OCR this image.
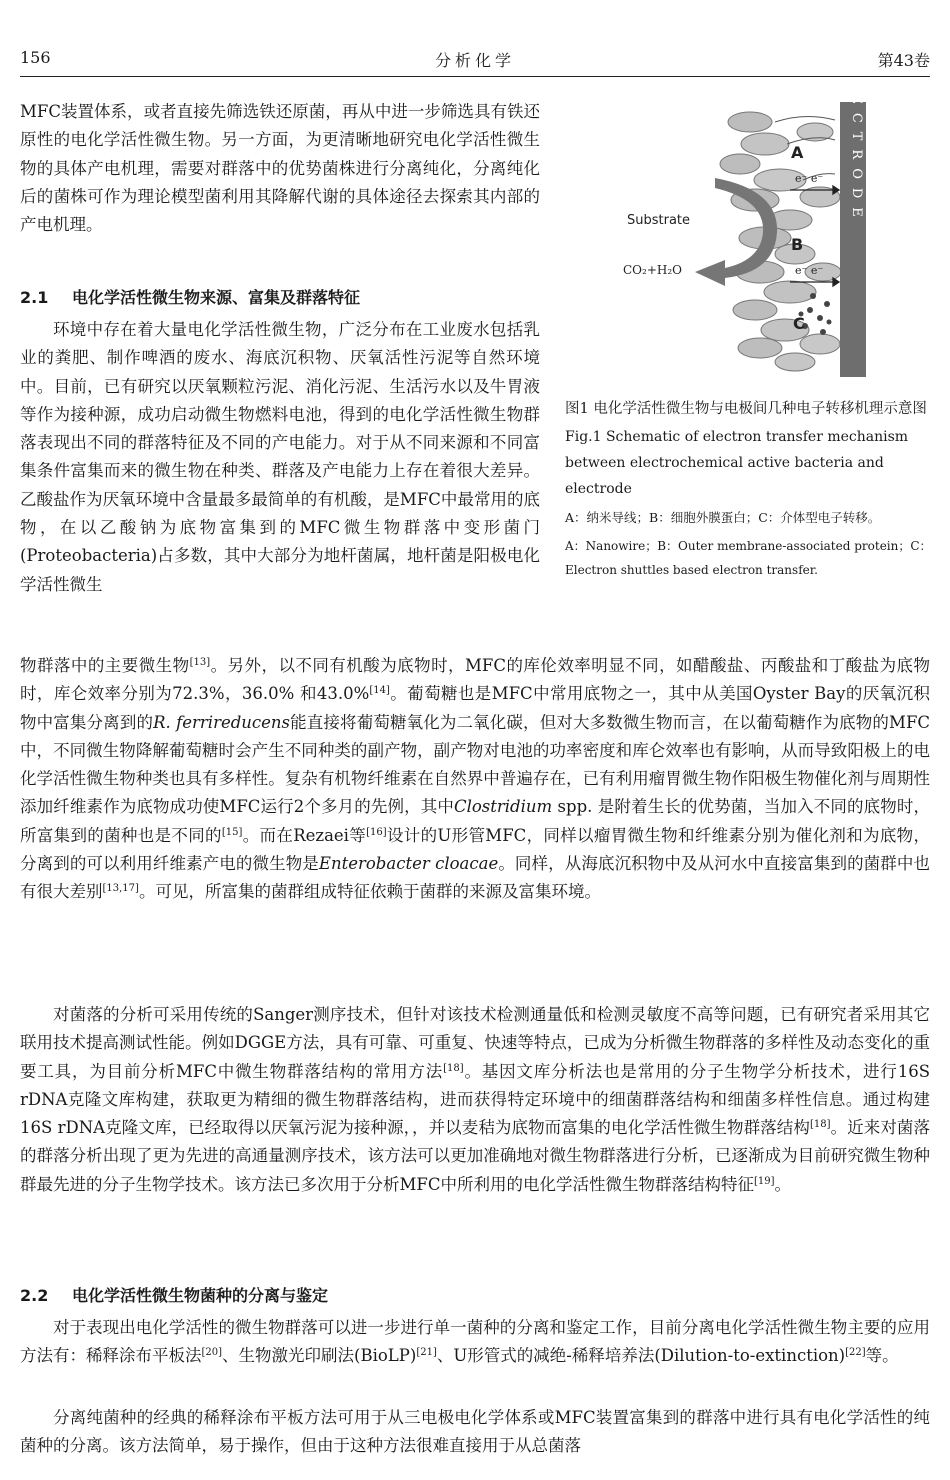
156	分析化学	第43卷

MFC装置体系，或者直接先筛选铁还原菌，再从中进一步筛选具有铁还原性的电化学活性微生物。另一方面，为更清晰地研究电化学活性微生物的具体产电机理，需要对群落中的优势菌株进行分离纯化，分离纯化后的菌株可作为理论模型菌利用其降解代谢的具体途径去探索其内部的产电机理。

2.1 电化学活性微生物来源、富集及群落特征

环境中存在着大量电化学活性微生物，广泛分布在工业废水包括乳业的粪肥、制作啤酒的废水、海底沉积物、厌氧活性污泥等自然环境中。目前，已有研究以厌氧颗粒污泥、消化污泥、生活污水以及牛胃液等作为接种源，成功启动微生物燃料电池，得到的电化学活性微生物群落表现出不同的群落特征及不同的产电能力。对于从不同来源和不同富集条件富集而来的微生物在种类、群落及产电能力上存在着很大差异。乙酸盐作为厌氧环境中含量最多最简单的有机酸，是MFC中最常用的底物，在以乙酸钠为底物富集到的MFC微生物群落中变形菌门(Proteobacteria)占多数，其中大部分为地杆菌属，地杆菌是阳极电化学活性微生

物群落中的主要微生物[13]。另外，以不同有机酸为底物时，MFC的库伦效率明显不同，如醋酸盐、丙酸盐和丁酸盐为底物时，库仑效率分别为72.3%，36.0% 和43.0%[14]。葡萄糖也是MFC中常用底物之一，其中从美国Oyster Bay的厌氧沉积物中富集分离到的R. ferrireducens能直接将葡萄糖氧化为二氧化碳，但对大多数微生物而言，在以葡萄糖作为底物的MFC中，不同微生物降解葡萄糖时会产生不同种类的副产物，副产物对电池的功率密度和库仑效率也有影响，从而导致阳极上的电化学活性微生物种类也具有多样性。复杂有机物纤维素在自然界中普遍存在，已有利用瘤胃微生物作阳极生物催化剂与周期性添加纤维素作为底物成功使MFC运行2个多月的先例，其中Clostridium spp. 是附着生长的优势菌，当加入不同的底物时，所富集到的菌种也是不同的[15]。而在Rezaei等[16]设计的U形管MFC，同样以瘤胃微生物和纤维素分别为催化剂和为底物，分离到的可以利用纤维素产电的微生物是Enterobacter cloacae。同样，从海底沉积物中及从河水中直接富集到的菌群中也有很大差别[13,17]。可见，所富集的菌群组成特征依赖于菌群的来源及富集环境。

对菌落的分析可采用传统的Sanger测序技术，但针对该技术检测通量低和检测灵敏度不高等问题，已有研究者采用其它联用技术提高测试性能。例如DGGE方法，具有可靠、可重复、快速等特点，已成为分析微生物群落的多样性及动态变化的重要工具，为目前分析MFC中微生物群落结构的常用方法[18]。基因文库分析法也是常用的分子生物学分析技术，进行16S rDNA克隆文库构建，获取更为精细的微生物群落结构，进而获得特定环境中的细菌群落结构和细菌多样性信息。通过构建16S rDNA克隆文库，已经取得以厌氧污泥为接种源，，并以麦秸为底物而富集的电化学活性微生物群落结构[18]。近来对菌落的群落分析出现了更为先进的高通量测序技术，该方法可以更加准确地对微生物群落进行分析，已逐渐成为目前研究微生物种群最先进的分子生物学技术。该方法已多次用于分析MFC中所利用的电化学活性微生物群落结构特征[19]。

2.2 电化学活性微生物菌种的分离与鉴定

对于表现出电化学活性的微生物群落可以进一步进行单一菌种的分离和鉴定工作，目前分离电化学活性微生物主要的应用方法有：稀释涂布平板法[20]、生物激光印刷法(BioLP)[21]、U形管式的减绝-稀释培养法(Dilution-to-extinction)[22]等。

分离纯菌种的经典的稀释涂布平板方法可用于从三电极电化学体系或MFC装置富集到的群落中进行具有电化学活性的纯菌种的分离。该方法简单，易于操作，但由于这种方法很难直接用于从总菌落

ELECTRODE
A
B
C
e⁻ e⁻
e⁻ e⁻
Substrate
CO₂+H₂O

图1 电化学活性微生物与电极间几种电子转移机理示意图

Fig.1 Schematic of electron transfer mechanism between electrochemical active bacteria and electrode

A：纳米导线；B：细胞外膜蛋白；C：介体型电子转移。

A：Nanowire；B：Outer membrane-associated protein；C：Electron shuttles based electron transfer.
